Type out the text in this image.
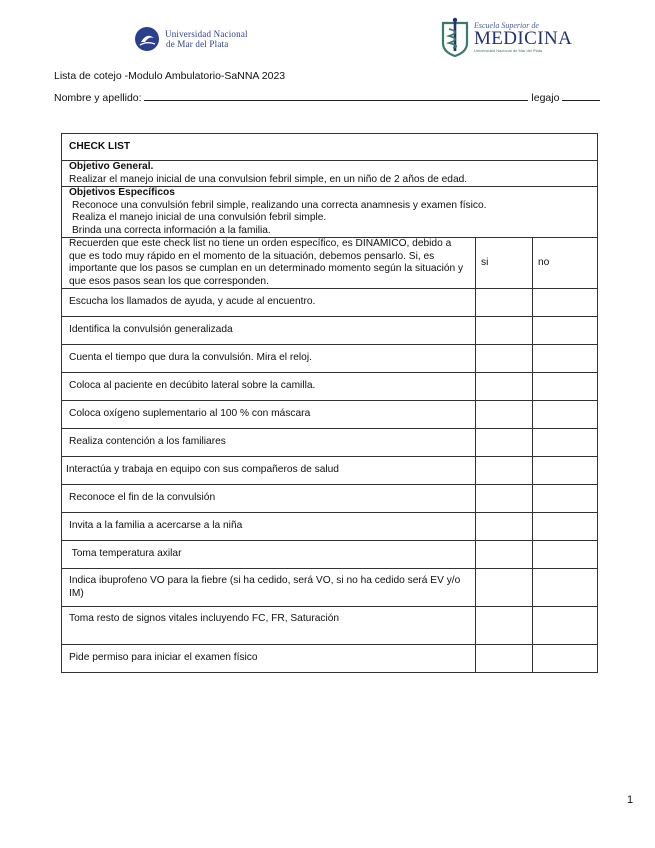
Universidad Nacional
de Mar del Plata
Escuela Superior de
MEDICINA
Universidad Nacional de Mar del Plata
Lista de cotejo -Modulo Ambulatorio-SaNNA 2023
Nombre y apellido:	legajo
CHECK LIST		

Objetivo General.
Realizar el manejo inicial de una convulsion febril simple, en un niño de 2 años de edad.		

Objetivos Específicos
Reconoce una convulsión febril simple, realizando una correcta anamnesis y examen físico.
Realiza el manejo inicial de una convulsión febril simple.
Brinda una correcta información a la familia.		

Recuerden que este check list no tiene un orden específico, es DINÁMICO, debido a que es todo muy rápido en el momento de la situación, debemos pensarlo. Si, es importante que los pasos se cumplan en un determinado momento según la situación y que esos pasos sean los que corresponden.	si	no
Escucha los llamados de ayuda, y acude al encuentro.		
Identifica la convulsión generalizada		
Cuenta el tiempo que dura la convulsión. Mira el reloj.		
Coloca al paciente en decúbito lateral sobre la camilla.		
Coloca oxígeno suplementario al 100 % con máscara		
Realiza contención a los familiares		
Interactúa y trabaja en equipo con sus compañeros de salud		
Reconoce el fin de la convulsión		
Invita a la familia a acercarse a la niña		
Toma temperatura axilar		
Indica ibuprofeno VO para la fiebre (si ha cedido, será VO, si no ha cedido será EV y/o IM)		
Toma resto de signos vitales incluyendo FC, FR, Saturación		
Pide permiso para iniciar el examen físico		
1
